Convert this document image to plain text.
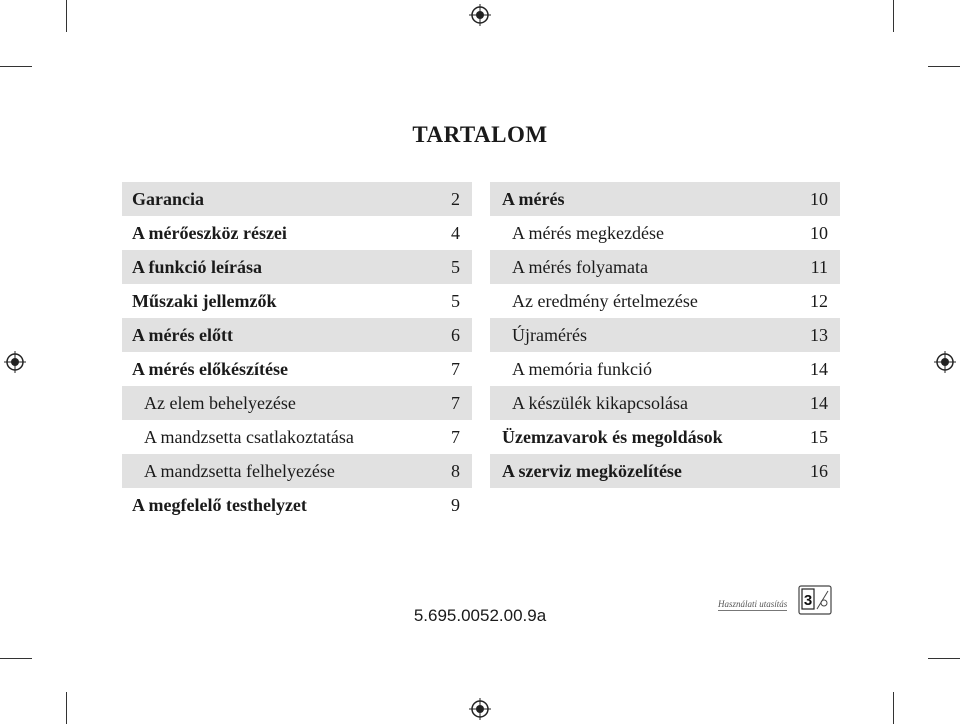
TARTALOM
Garancia	2
A mérőeszköz részei	4
A funkció leírása	5
Műszaki jellemzők	5
A mérés előtt	6
A mérés előkészítése	7
Az elem behelyezése	7
A mandzsetta csatlakoztatása	7
A mandzsetta felhelyezése	8
A megfelelő testhelyzet	9
A mérés	10
A mérés megkezdése	10
A mérés folyamata	11
Az eredmény értelmezése	12
Újramérés	13
A memória funkció	14
A készülék kikapcsolása	14
Üzemzavarok és megoldások	15
A szerviz megközelítése	16
5.695.0052.00.9a
Használati utasítás 3
